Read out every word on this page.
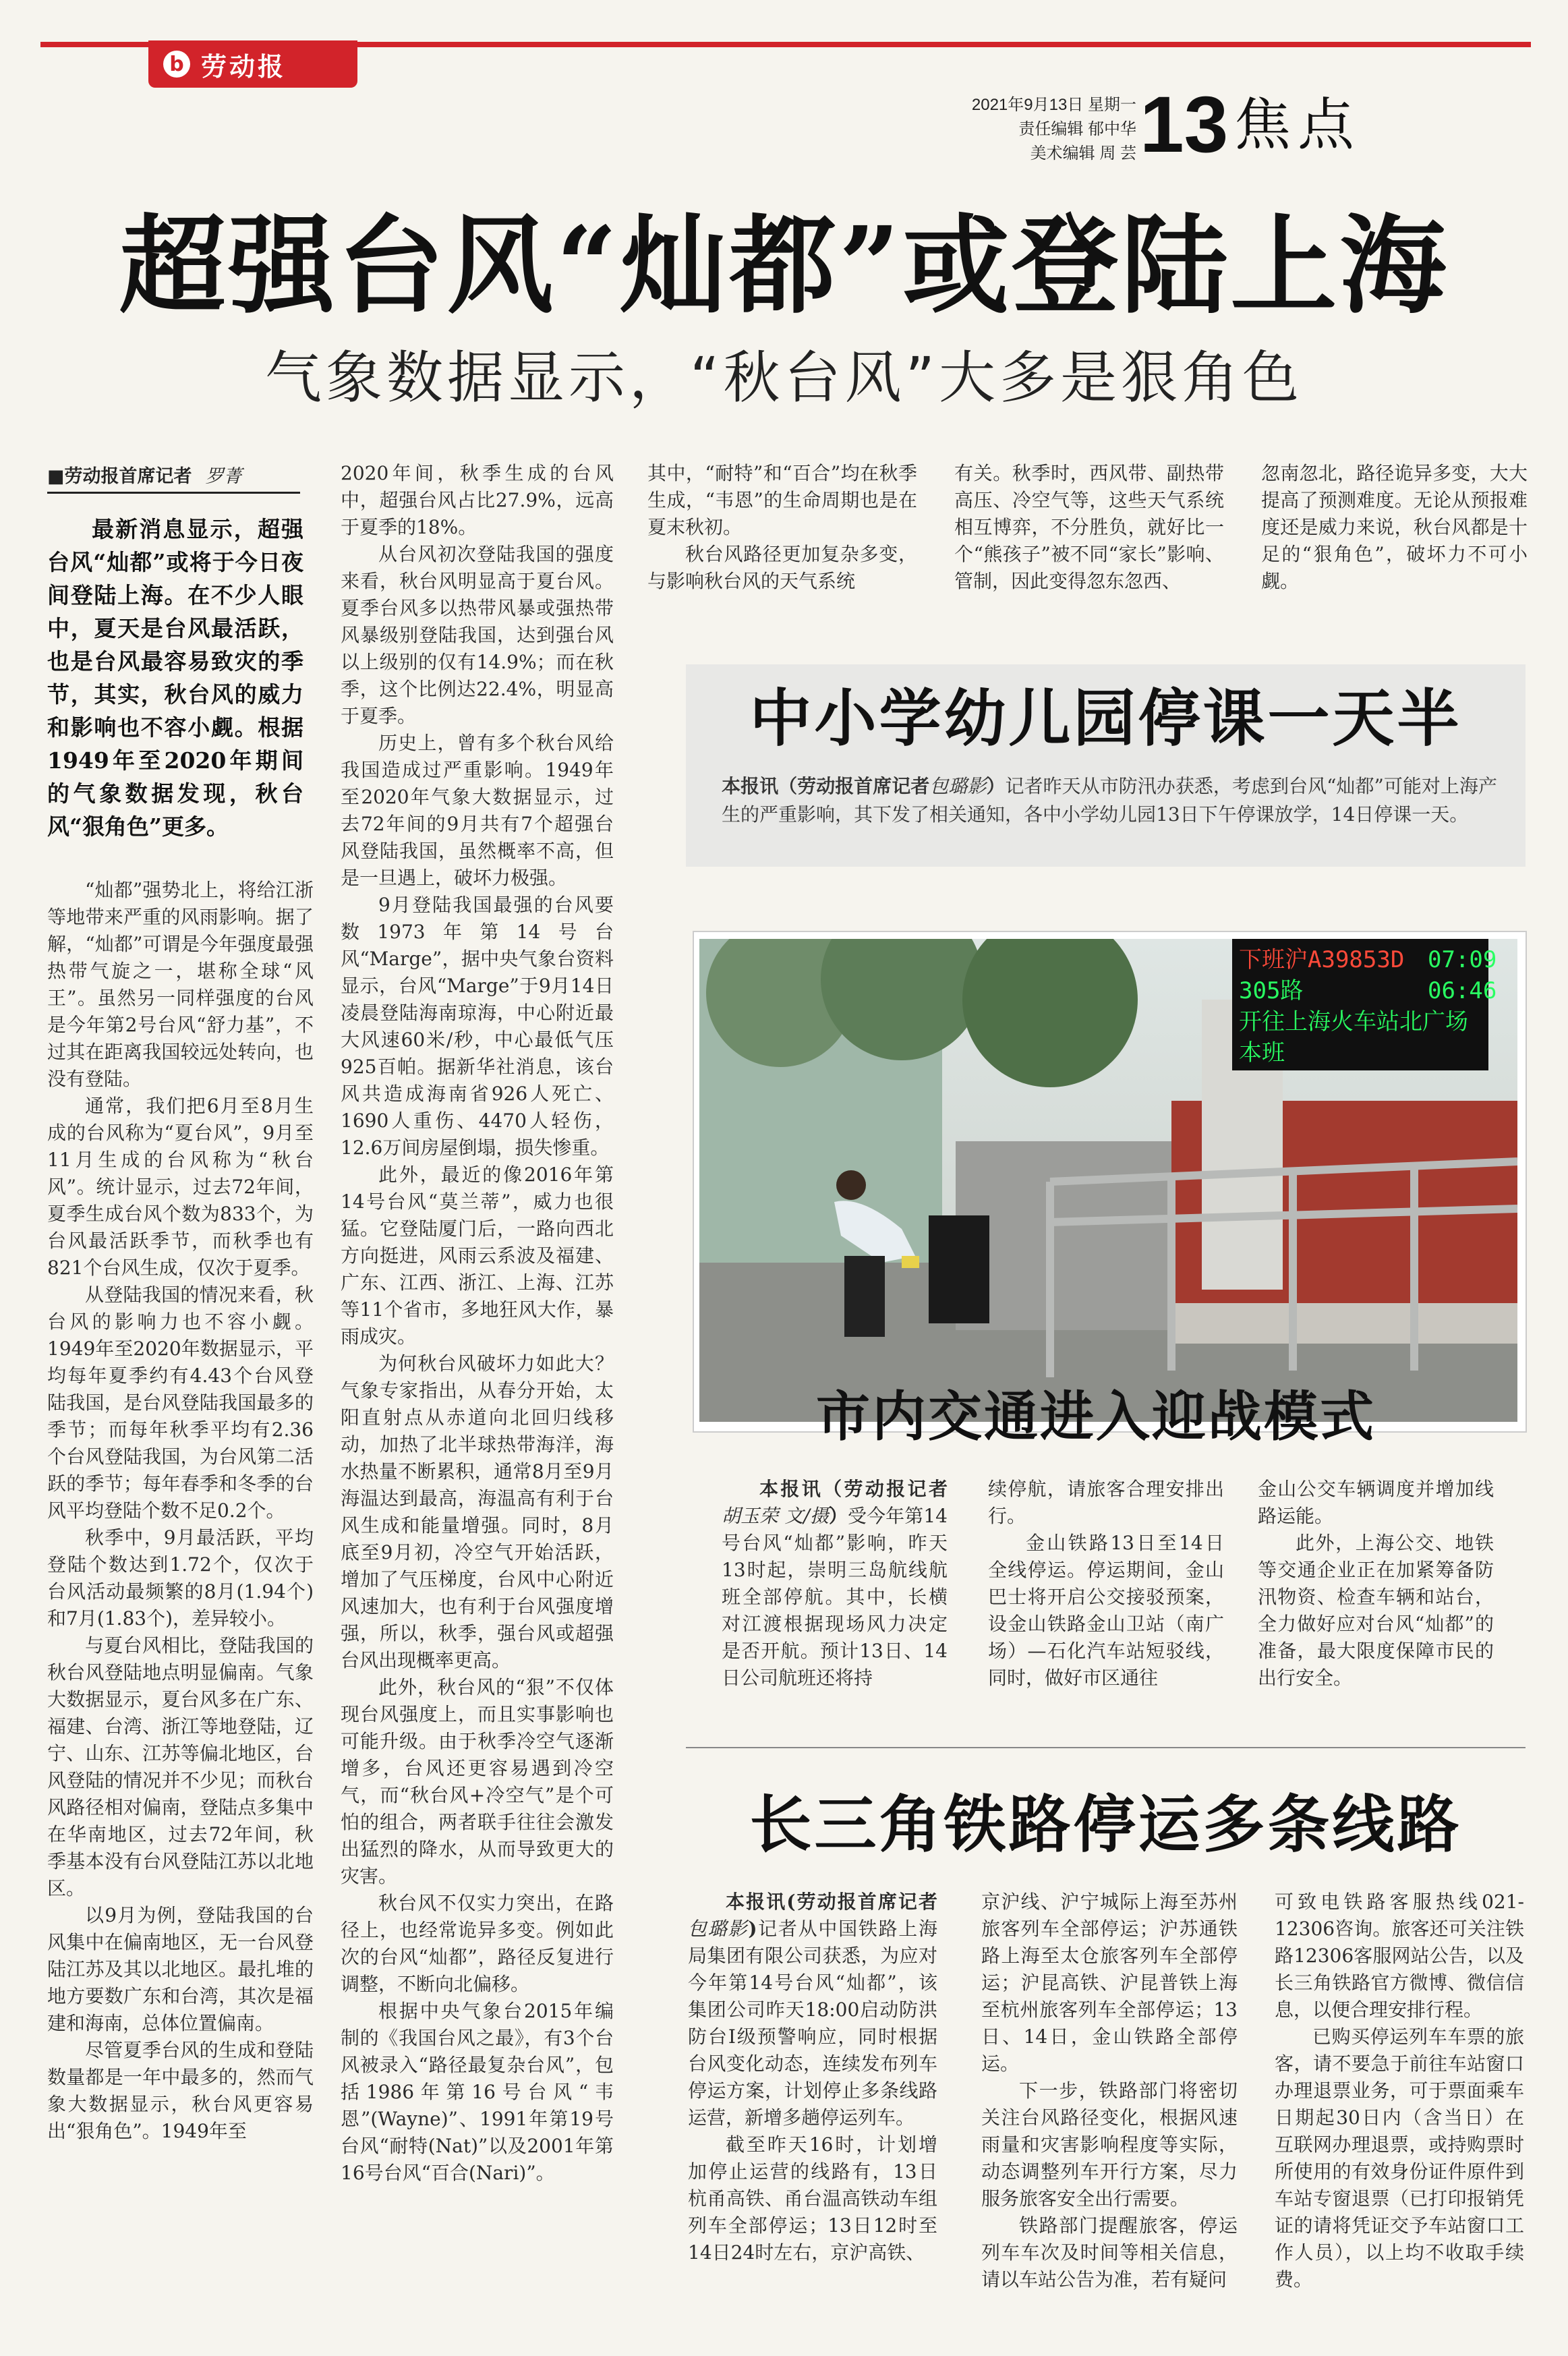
b 劳动报
2021年9月13日 星期一
责任编辑 郁中华
美术编辑 周 芸 13 焦点
超强台风“灿都”或登陆上海
气象数据显示，“秋台风”大多是狠角色
■劳动报首席记者 罗菁

最新消息显示，超强台风“灿都”或将于今日夜间登陆上海。在不少人眼中，夏天是台风最活跃，也是台风最容易致灾的季节，其实，秋台风的威力和影响也不容小觑。根据1949年至2020年期间的气象数据发现，秋台风“狠角色”更多。

“灿都”强势北上，将给江浙等地带来严重的风雨影响。据了解，“灿都”可谓是今年强度最强热带气旋之一，堪称全球“风王”。虽然另一同样强度的台风是今年第2号台风“舒力基”，不过其在距离我国较远处转向，也没有登陆。

通常，我们把6月至8月生成的台风称为“夏台风”，9月至11月生成的台风称为“秋台风”。统计显示，过去72年间，夏季生成台风个数为833个，为台风最活跃季节，而秋季也有821个台风生成，仅次于夏季。

从登陆我国的情况来看，秋台风的影响力也不容小觑。1949年至2020年数据显示，平均每年夏季约有4.43个台风登陆我国，是台风登陆我国最多的季节；而每年秋季平均有2.36个台风登陆我国，为台风第二活跃的季节；每年春季和冬季的台风平均登陆个数不足0.2个。

秋季中，9月最活跃，平均登陆个数达到1.72个，仅次于台风活动最频繁的8月(1.94个)和7月(1.83个)，差异较小。

与夏台风相比，登陆我国的秋台风登陆地点明显偏南。气象大数据显示，夏台风多在广东、福建、台湾、浙江等地登陆，辽宁、山东、江苏等偏北地区，台风登陆的情况并不少见；而秋台风路径相对偏南，登陆点多集中在华南地区，过去72年间，秋季基本没有台风登陆江苏以北地区。

以9月为例，登陆我国的台风集中在偏南地区，无一台风登陆江苏及其以北地区。最扎堆的地方要数广东和台湾，其次是福建和海南，总体位置偏南。

尽管夏季台风的生成和登陆数量都是一年中最多的，然而气象大数据显示，秋台风更容易出“狠角色”。1949年至

2020年间，秋季生成的台风中，超强台风占比27.9%，远高于夏季的18%。

从台风初次登陆我国的强度来看，秋台风明显高于夏台风。夏季台风多以热带风暴或强热带风暴级别登陆我国，达到强台风以上级别的仅有14.9%；而在秋季，这个比例达22.4%，明显高于夏季。

历史上，曾有多个秋台风给我国造成过严重影响。1949年至2020年气象大数据显示，过去72年间的9月共有7个超强台风登陆我国，虽然概率不高，但是一旦遇上，破坏力极强。

9月登陆我国最强的台风要数1973年第14号台风“Marge”，据中央气象台资料显示，台风“Marge”于9月14日凌晨登陆海南琼海，中心附近最大风速60米/秒，中心最低气压925百帕。据新华社消息，该台风共造成海南省926人死亡、1690人重伤、4470人轻伤，12.6万间房屋倒塌，损失惨重。

此外，最近的像2016年第14号台风“莫兰蒂”，威力也很猛。它登陆厦门后，一路向西北方向挺进，风雨云系波及福建、广东、江西、浙江、上海、江苏等11个省市，多地狂风大作，暴雨成灾。

为何秋台风破坏力如此大？气象专家指出，从春分开始，太阳直射点从赤道向北回归线移动，加热了北半球热带海洋，海水热量不断累积，通常8月至9月海温达到最高，海温高有利于台风生成和能量增强。同时，8月底至9月初，冷空气开始活跃，增加了气压梯度，台风中心附近风速加大，也有利于台风强度增强，所以，秋季，强台风或超强台风出现概率更高。

此外，秋台风的“狠”不仅体现台风强度上，而且实事影响也可能升级。由于秋季冷空气逐渐增多，台风还更容易遇到冷空气，而“秋台风+冷空气”是个可怕的组合，两者联手往往会激发出猛烈的降水，从而导致更大的灾害。

秋台风不仅实力突出，在路径上，也经常诡异多变。例如此次的台风“灿都”，路径反复进行调整，不断向北偏移。

根据中央气象台2015年编制的《我国台风之最》，有3个台风被录入“路径最复杂台风”，包括1986年第16号台风“韦恩”(Wayne)”、1991年第19号台风“耐特(Nat)”以及2001年第16号台风“百合(Nari)”。

其中，“耐特”和“百合”均在秋季生成，“韦恩”的生命周期也是在夏末秋初。

秋台风路径更加复杂多变，与影响秋台风的天气系统

有关。秋季时，西风带、副热带高压、冷空气等，这些天气系统相互博弈，不分胜负，就好比一个“熊孩子”被不同“家长”影响、管制，因此变得忽东忽西、

忽南忽北，路径诡异多变，大大提高了预测难度。无论从预报难度还是威力来说，秋台风都是十足的“狠角色”，破坏力不可小觑。

中小学幼儿园停课一天半
本报讯（劳动报首席记者包璐影）记者昨天从市防汛办获悉，考虑到台风“灿都”可能对上海产生的严重影响，其下发了相关通知，各中小学幼儿园13日下午停课放学，14日停课一天。
下班沪A39853D 07:09
305路	06:46
开往上海火车站北广场
本班
市内交通进入迎战模式

本报讯（劳动报记者胡玉荣 文/摄）受今年第14号台风“灿都”影响，昨天13时起，崇明三岛航线航班全部停航。其中，长横对江渡根据现场风力决定是否开航。预计13日、14日公司航班还将持

续停航，请旅客合理安排出行。

金山铁路13日至14日全线停运。停运期间，金山巴士将开启公交接驳预案，设金山铁路金山卫站（南广场）—石化汽车站短驳线，同时，做好市区通往

金山公交车辆调度并增加线路运能。

此外，上海公交、地铁等交通企业正在加紧筹备防汛物资、检查车辆和站台，全力做好应对台风“灿都”的准备，最大限度保障市民的出行安全。

长三角铁路停运多条线路

本报讯(劳动报首席记者包璐影)记者从中国铁路上海局集团有限公司获悉，为应对今年第14号台风“灿都”，该集团公司昨天18:00启动防洪防台Ⅰ级预警响应，同时根据台风变化动态，连续发布列车停运方案，计划停止多条线路运营，新增多趟停运列车。

截至昨天16时，计划增加停止运营的线路有，13日杭甬高铁、甬台温高铁动车组列车全部停运；13日12时至14日24时左右，京沪高铁、

京沪线、沪宁城际上海至苏州旅客列车全部停运；沪苏通铁路上海至太仓旅客列车全部停运；沪昆高铁、沪昆普铁上海至杭州旅客列车全部停运；13日、14日，金山铁路全部停运。

下一步，铁路部门将密切关注台风路径变化，根据风速雨量和灾害影响程度等实际，动态调整列车开行方案，尽力服务旅客安全出行需要。

铁路部门提醒旅客，停运列车车次及时间等相关信息，请以车站公告为准，若有疑问

可致电铁路客服热线021-12306咨询。旅客还可关注铁路12306客服网站公告，以及长三角铁路官方微博、微信信息，以便合理安排行程。

已购买停运列车车票的旅客，请不要急于前往车站窗口办理退票业务，可于票面乘车日期起30日内（含当日）在互联网办理退票，或持购票时所使用的有效身份证件原件到车站专窗退票（已打印报销凭证的请将凭证交予车站窗口工作人员），以上均不收取手续费。
